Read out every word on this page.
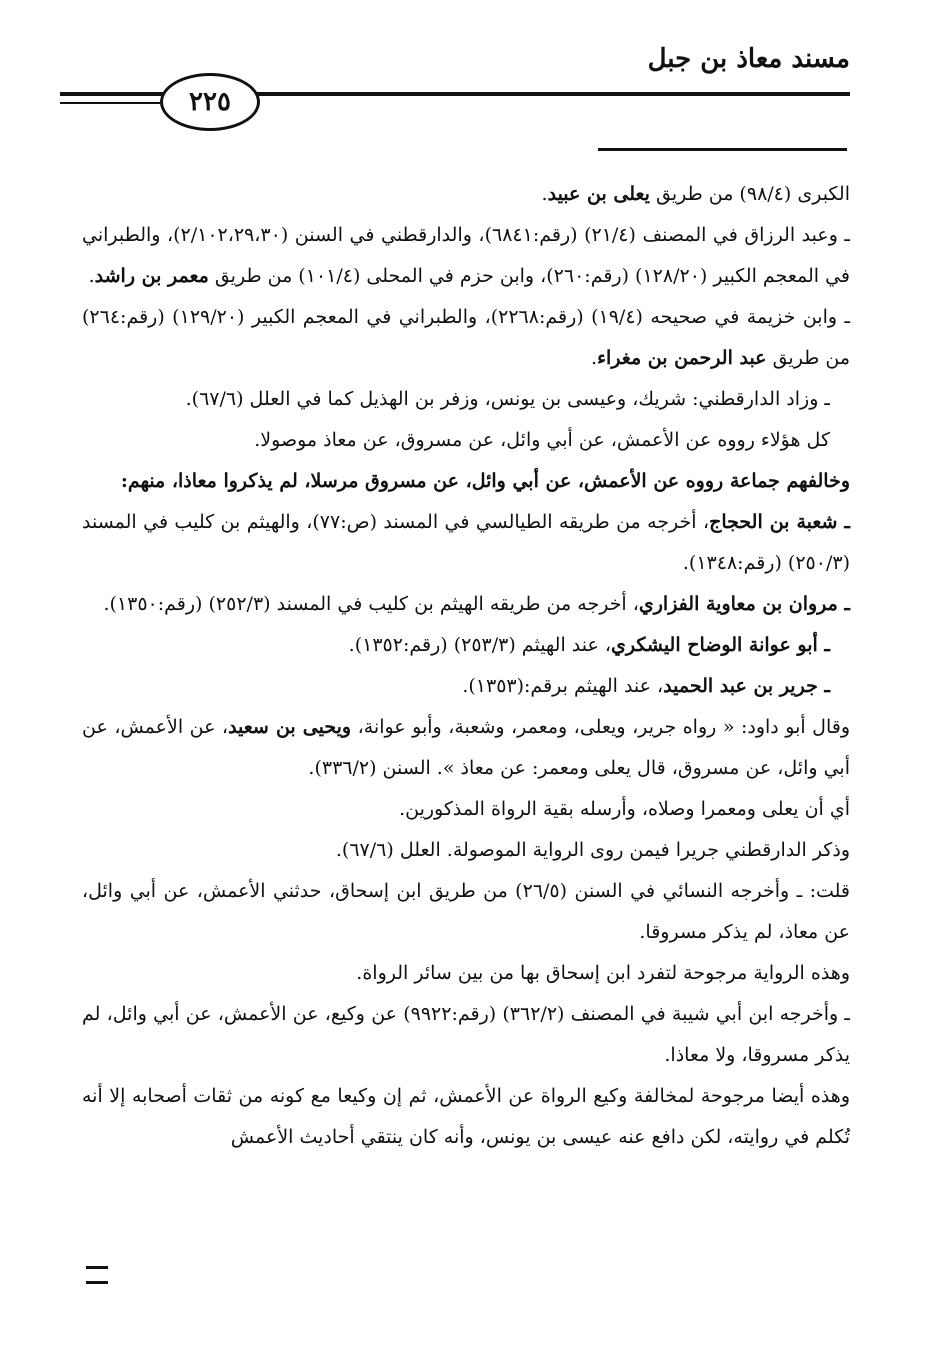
مسند معاذ بن جبل
٢٢٥

الكبرى (٩٨/٤) من طريق يعلى بن عبيد.

ـ وعبد الرزاق في المصنف (٢١/٤) (رقم:٦٨٤١)، والدارقطني في السنن (٢/١٠٢،٢٩،٣٠)، والطبراني في المعجم الكبير (١٢٨/٢٠) (رقم:٢٦٠)، وابن حزم في المحلى (١٠١/٤) من طريق معمر بن راشد.

ـ وابن خزيمة في صحيحه (١٩/٤) (رقم:٢٢٦٨)، والطبراني في المعجم الكبير (١٢٩/٢٠) (رقم:٢٦٤) من طريق عبد الرحمن بن مغراء.

ـ وزاد الدارقطني: شريك، وعيسى بن يونس، وزفر بن الهذيل كما في العلل (٦٧/٦).

كل هؤلاء رووه عن الأعمش، عن أبي وائل، عن مسروق، عن معاذ موصولا.

وخالفهم جماعة رووه عن الأعمش، عن أبي وائل، عن مسروق مرسلا، لم يذكروا معاذا، منهم:

ـ شعبة بن الحجاج، أخرجه من طريقه الطيالسي في المسند (ص:٧٧)، والهيثم بن كليب في المسند (٢٥٠/٣) (رقم:١٣٤٨).

ـ مروان بن معاوية الفزاري، أخرجه من طريقه الهيثم بن كليب في المسند (٢٥٢/٣) (رقم:١٣٥٠).

ـ أبو عوانة الوضاح اليشكري، عند الهيثم (٢٥٣/٣) (رقم:١٣٥٢).

ـ جرير بن عبد الحميد، عند الهيثم برقم:(١٣٥٣).

وقال أبو داود: « رواه جرير، ويعلى، ومعمر، وشعبة، وأبو عوانة، ويحيى بن سعيد، عن الأعمش، عن أبي وائل، عن مسروق، قال يعلى ومعمر: عن معاذ ». السنن (٣٣٦/٢).

أي أن يعلى ومعمرا وصلاه، وأرسله بقية الرواة المذكورين.

وذكر الدارقطني جريرا فيمن روى الرواية الموصولة. العلل (٦٧/٦).

قلت: ـ وأخرجه النسائي في السنن (٢٦/٥) من طريق ابن إسحاق، حدثني الأعمش، عن أبي وائل، عن معاذ، لم يذكر مسروقا.

وهذه الرواية مرجوحة لتفرد ابن إسحاق بها من بين سائر الرواة.

ـ وأخرجه ابن أبي شيبة في المصنف (٣٦٢/٢) (رقم:٩٩٢٢) عن وكيع، عن الأعمش، عن أبي وائل، لم يذكر مسروقا، ولا معاذا.

وهذه أيضا مرجوحة لمخالفة وكيع الرواة عن الأعمش، ثم إن وكيعا مع كونه من ثقات أصحابه إلا أنه تُكلم في روايته، لكن دافع عنه عيسى بن يونس، وأنه كان ينتقي أحاديث الأعمش
